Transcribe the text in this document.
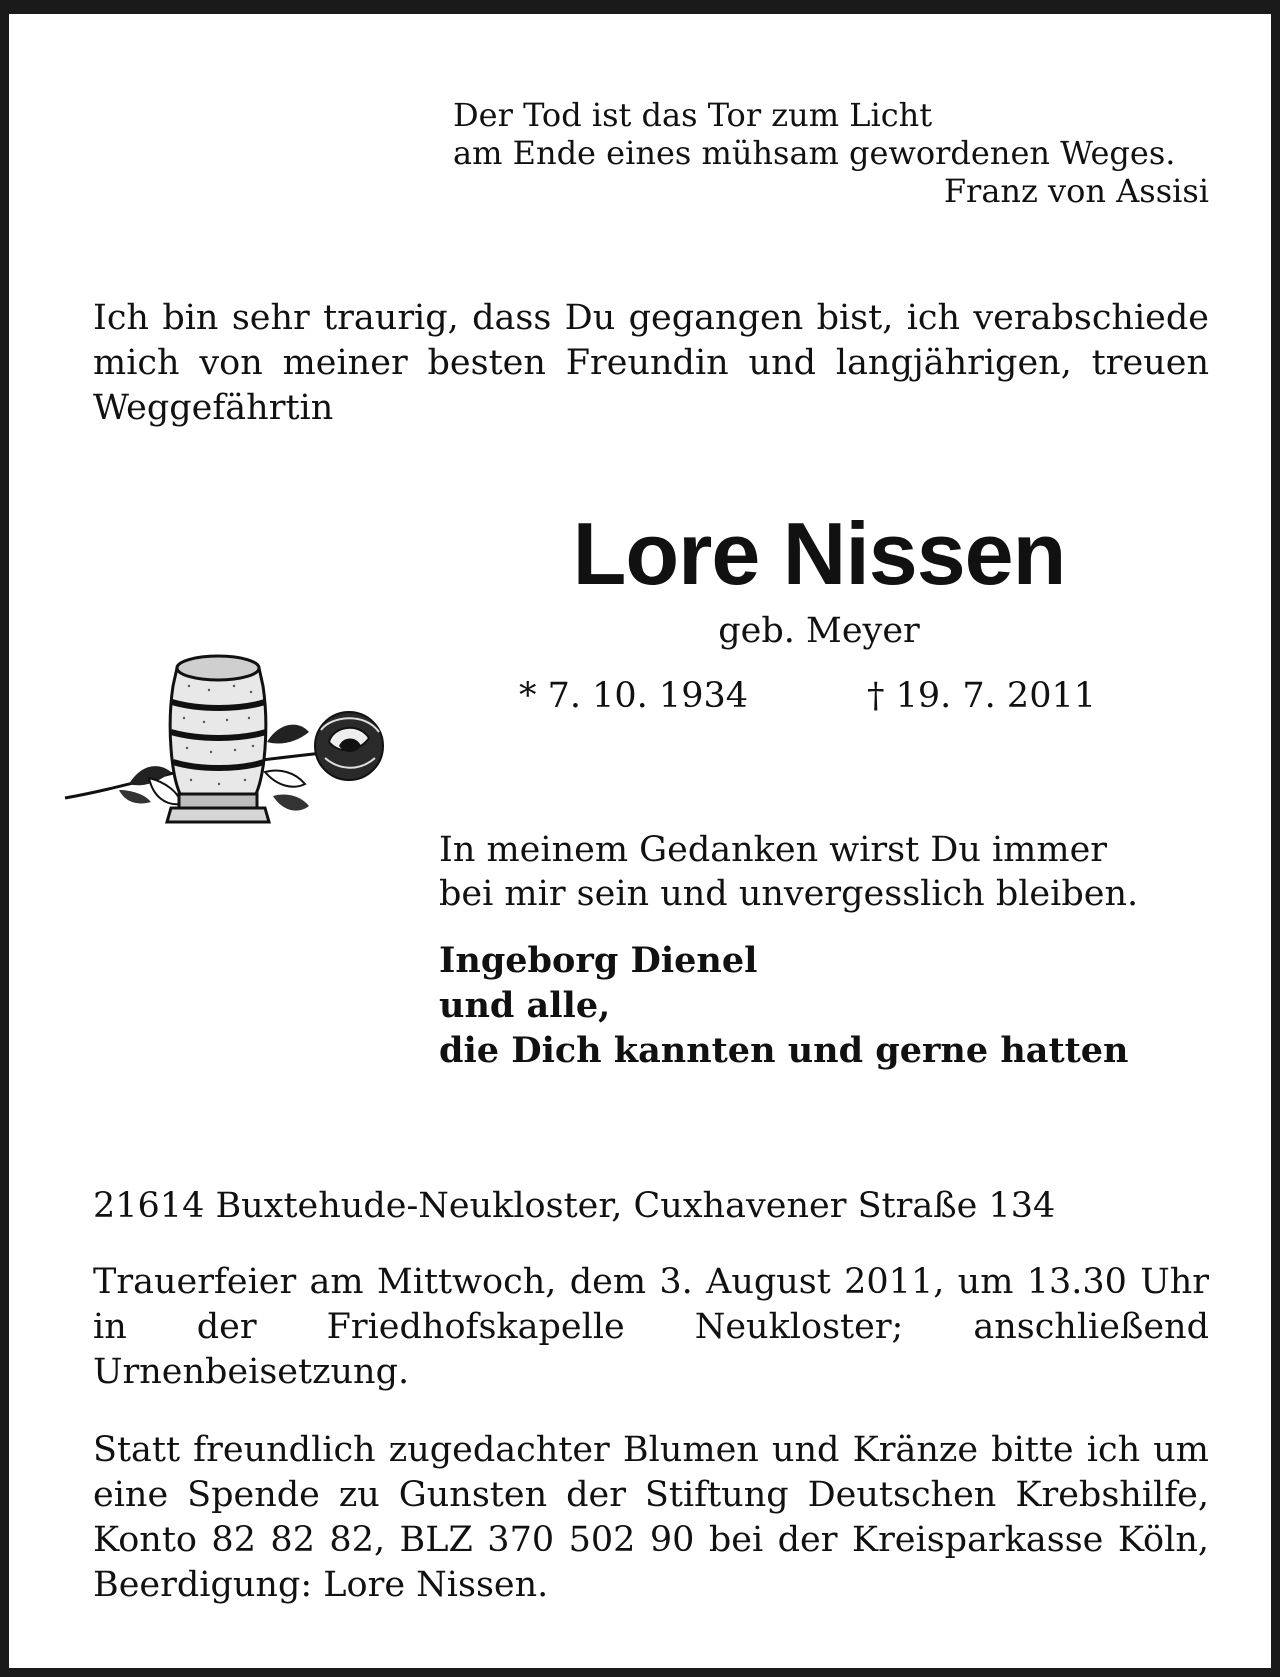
Der Tod ist das Tor zum Licht
am Ende eines mühsam gewordenen Weges.
Franz von Assisi

Ich bin sehr traurig, dass Du gegangen bist, ich verabschiede mich von meiner besten Freundin und langjährigen, treuen Weggefährtin

Lore Nissen
geb. Meyer
* 7. 10. 1934	† 19. 7. 2011
In meinem Gedanken wirst Du immer
bei mir sein und unvergesslich bleiben.
Ingeborg Dienel
und alle,
die Dich kannten und gerne hatten

21614 Buxtehude-Neukloster, Cuxhavener Straße 134

Trauerfeier am Mittwoch, dem 3. August 2011, um 13.30 Uhr in der Friedhofskapelle Neukloster; anschließend Urnenbeisetzung.

Statt freundlich zugedachter Blumen und Kränze bitte ich um eine Spende zu Gunsten der Stiftung Deutschen Krebshilfe, Konto 82 82 82, BLZ 370 502 90 bei der Kreisparkasse Köln, Beerdigung: Lore Nissen.
